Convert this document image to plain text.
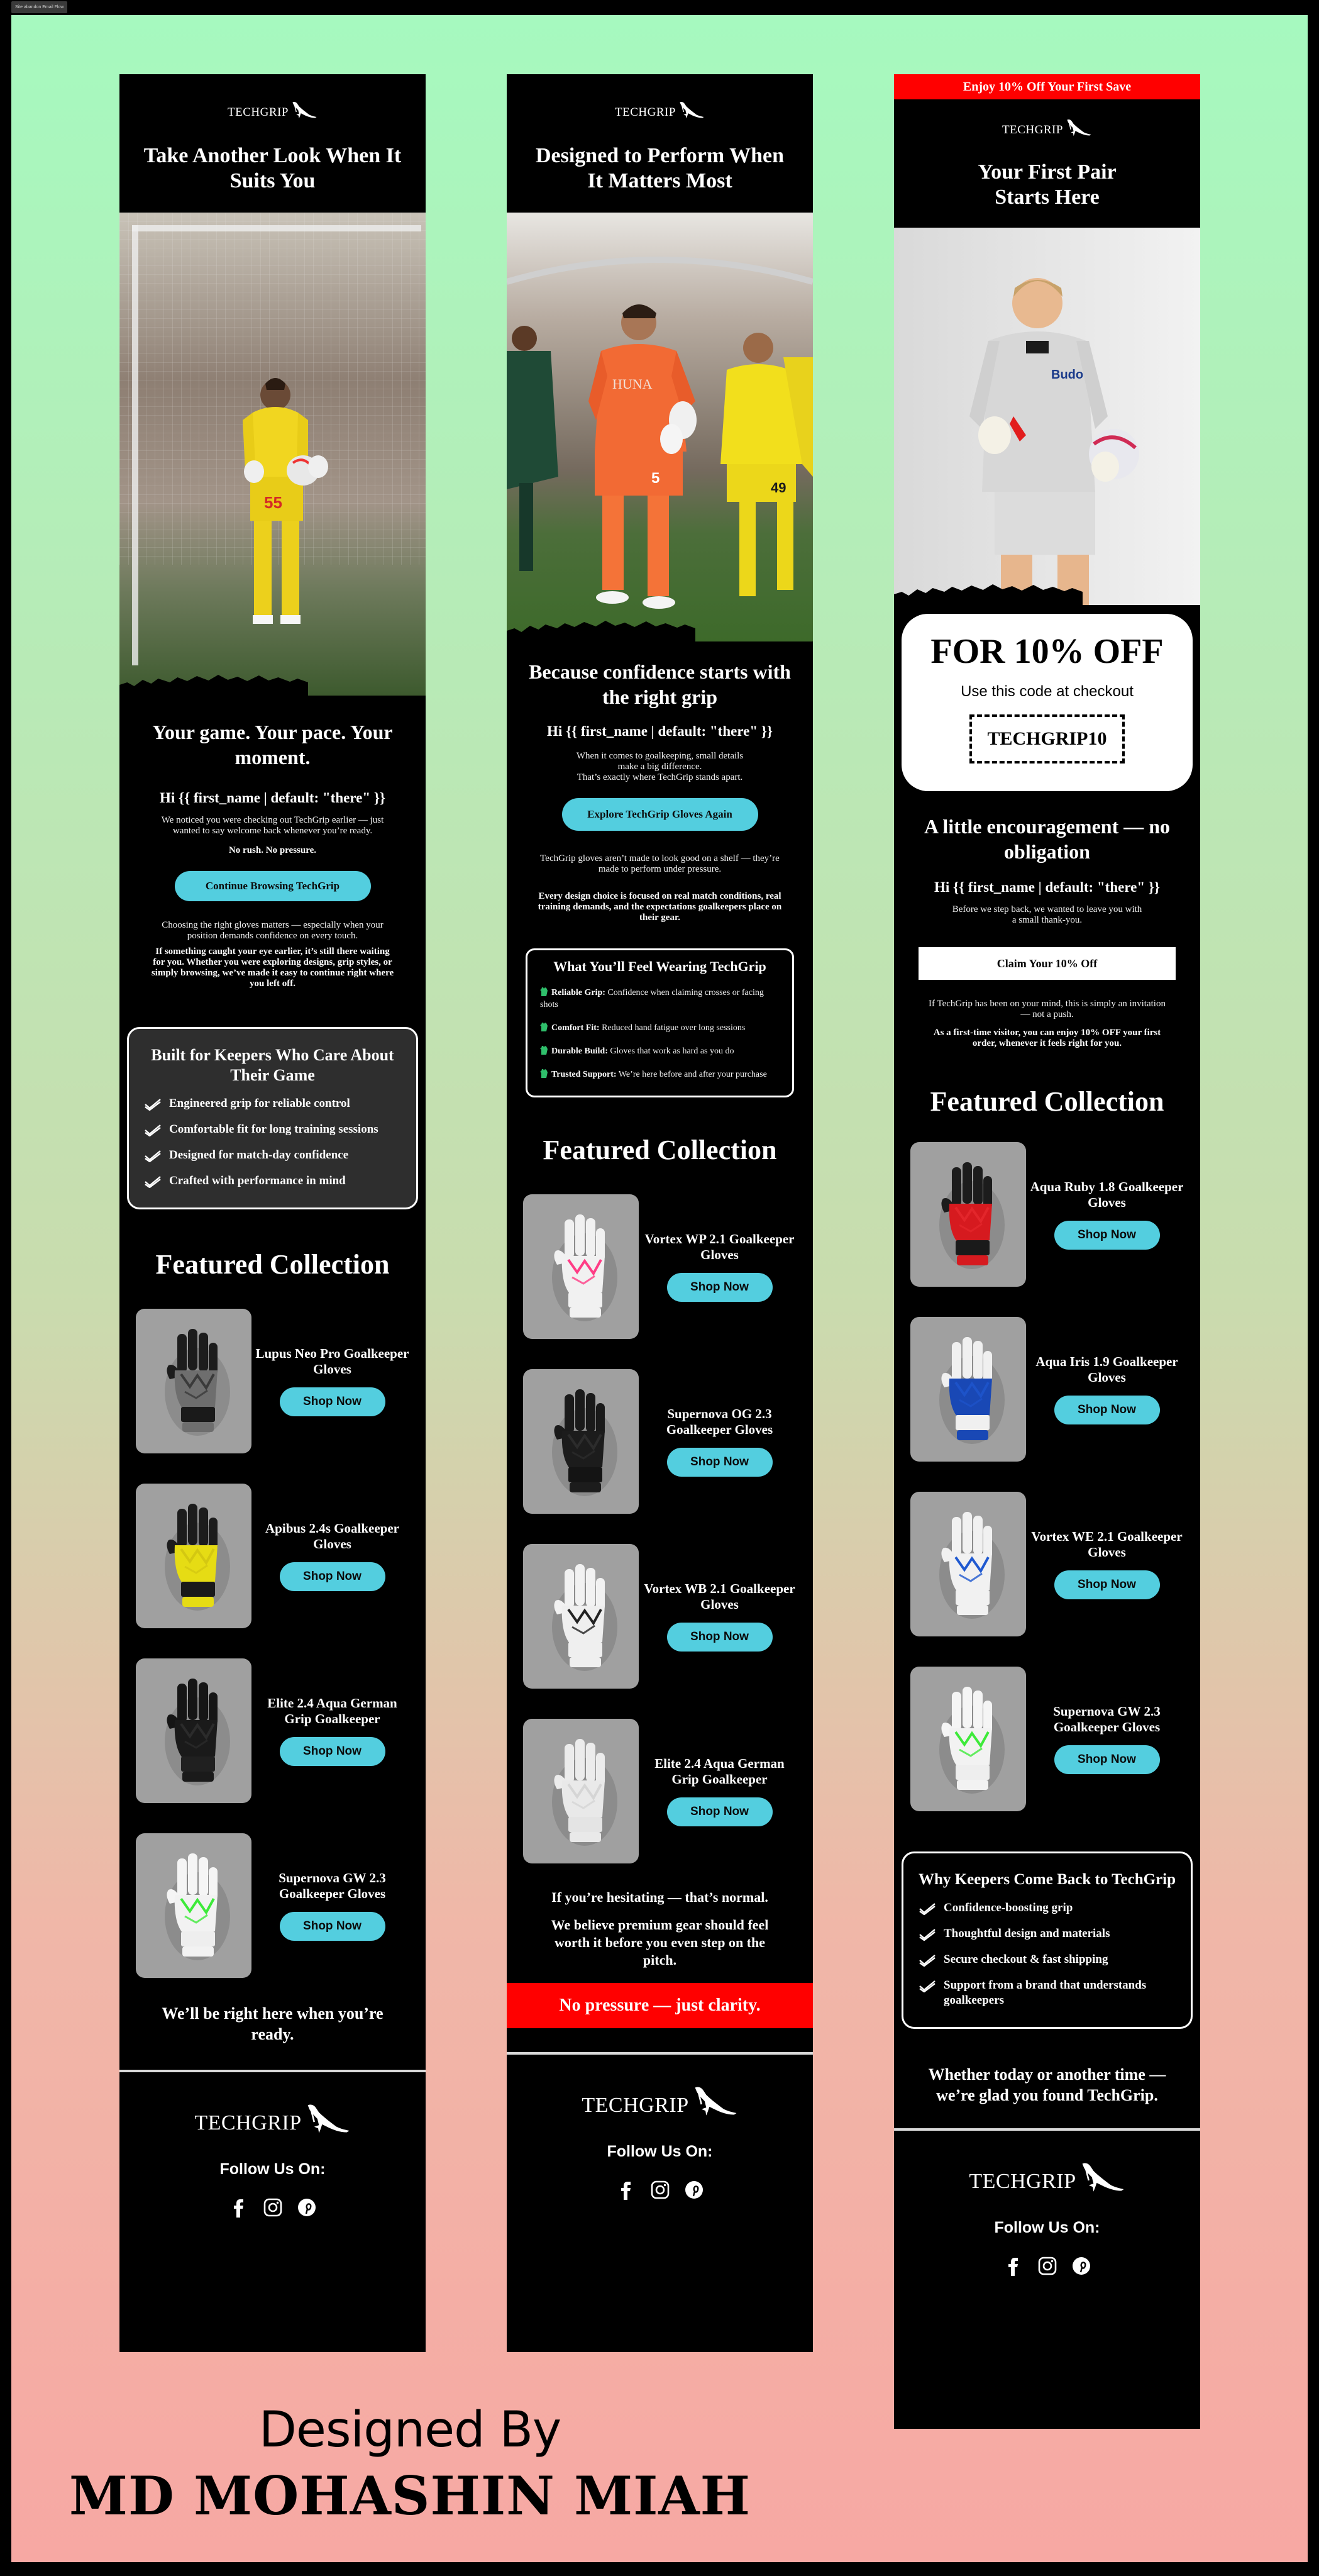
Site abandon Email Flow
TECHGRIP
Take Another Look When It Suits You
55
Your game. Your pace. Your moment.
Hi {{ first_name | default: "there" }}
We noticed you were checking out TechGrip earlier — just wanted to say welcome back whenever you’re ready.
No rush. No pressure.
Continue Browsing TechGrip
Choosing the right gloves matters — especially when your position demands confidence on every touch.
If something caught your eye earlier, it’s still there waiting for you. Whether you were exploring designs, grip styles, or simply browsing, we’ve made it easy to continue right where you left off.
Built for Keepers Who Care About Their Game
Engineered grip for reliable control
Comfortable fit for long training sessions
Designed for match-day confidence
Crafted with performance in mind
Featured Collection
Lupus Neo Pro Goalkeeper Gloves
Shop Now
Apibus 2.4s Goalkeeper Gloves
Shop Now
Elite 2.4 Aqua German Grip Goalkeeper
Shop Now
Supernova GW 2.3 Goalkeeper Gloves
Shop Now
We’ll be right here when you’re ready.
TECHGRIP
Follow Us On:
TECHGRIP
Designed to Perform When It Matters Most
HUNA
5
49
Because confidence starts with the right grip
Hi {{ first_name | default: "there" }}
When it comes to goalkeeping, small details
make a big difference.
That’s exactly where TechGrip stands apart.
Explore TechGrip Gloves Again
TechGrip gloves aren’t made to look good on a shelf — they’re made to perform under pressure.
Every design choice is focused on real match conditions, real training demands, and the expectations goalkeepers place on their gear.
What You’ll Feel Wearing TechGrip
Reliable Grip: Confidence when claiming crosses or facing shots
Comfort Fit: Reduced hand fatigue over long sessions
Durable Build: Gloves that work as hard as you do
Trusted Support: We’re here before and after your purchase
Featured Collection
Vortex WP 2.1 Goalkeeper Gloves
Shop Now
Supernova OG 2.3 Goalkeeper Gloves
Shop Now
Vortex WB 2.1 Goalkeeper Gloves
Shop Now
Elite 2.4 Aqua German Grip Goalkeeper
Shop Now
If you’re hesitating — that’s normal.
We believe premium gear should feel worth it before you even step on the pitch.
No pressure — just clarity.
TECHGRIP
Follow Us On:
Enjoy 10% Off Your First Save
TECHGRIP
Your First Pair Starts Here
Budo
FOR 10% OFF
Use this code at checkout
TECHGRIP10
A little encouragement — no obligation
Hi {{ first_name | default: "there" }}
Before we step back, we wanted to leave you with a small thank-you.
Claim Your 10% Off
If TechGrip has been on your mind, this is simply an invitation — not a push.
As a first-time visitor, you can enjoy 10% OFF your first order, whenever it feels right for you.
Featured Collection
Aqua Ruby 1.8 Goalkeeper Gloves
Shop Now
Aqua Iris 1.9 Goalkeeper Gloves
Shop Now
Vortex WE 2.1 Goalkeeper Gloves
Shop Now
Supernova GW 2.3 Goalkeeper Gloves
Shop Now
Why Keepers Come Back to TechGrip
Confidence-boosting grip
Thoughtful design and materials
Secure checkout & fast shipping
Support from a brand that understands goalkeepers
Whether today or another time — we’re glad you found TechGrip.
TECHGRIP
Follow Us On:
Designed By
MD MOHASHIN MIAH
